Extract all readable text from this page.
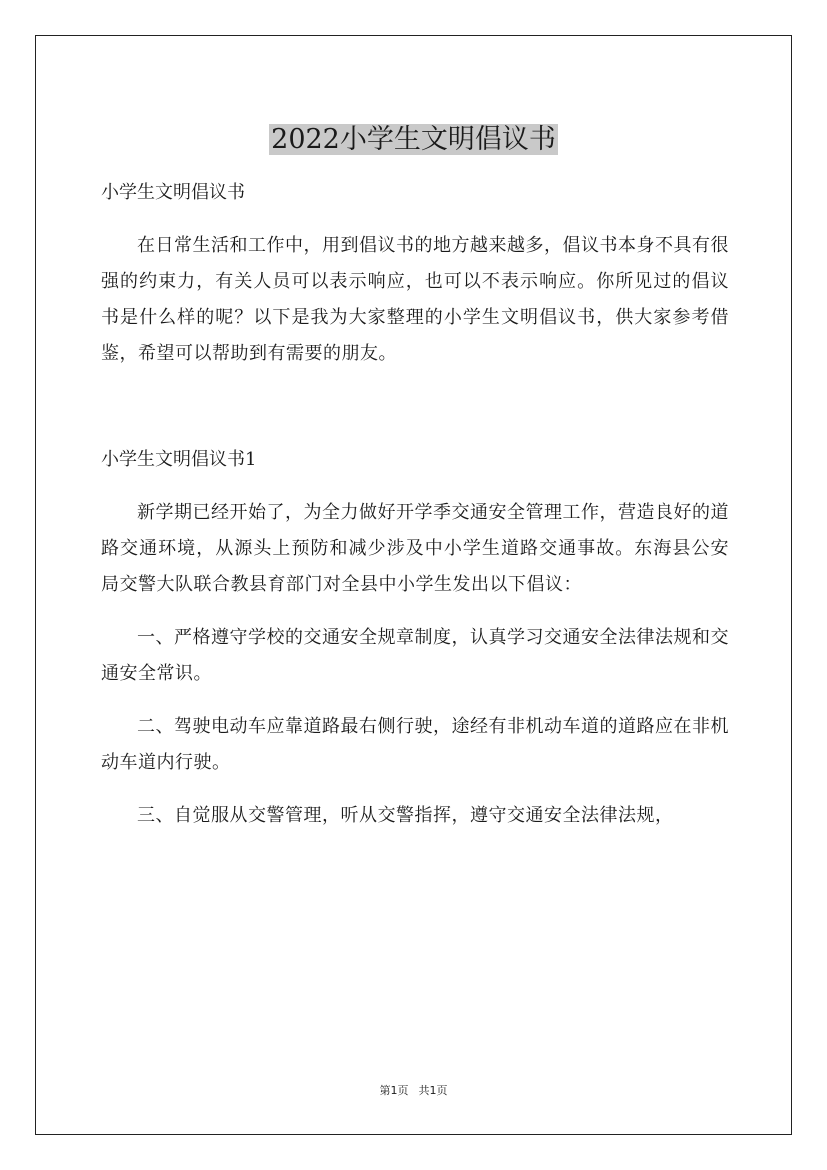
2022小学生文明倡议书

小学生文明倡议书

在日常生活和工作中，用到倡议书的地方越来越多，倡议书本身不具有很强的约束力，有关人员可以表示响应，也可以不表示响应。你所见过的倡议书是什么样的呢？以下是我为大家整理的小学生文明倡议书，供大家参考借鉴，希望可以帮助到有需要的朋友。

小学生文明倡议书1

新学期已经开始了，为全力做好开学季交通安全管理工作，营造良好的道路交通环境，从源头上预防和减少涉及中小学生道路交通事故。东海县公安局交警大队联合教县育部门对全县中小学生发出以下倡议：

一、严格遵守学校的交通安全规章制度，认真学习交通安全法律法规和交通安全常识。

二、驾驶电动车应靠道路最右侧行驶，途经有非机动车道的道路应在非机动车道内行驶。

三、自觉服从交警管理，听从交警指挥，遵守交通安全法律法规，

第1页 共1页
